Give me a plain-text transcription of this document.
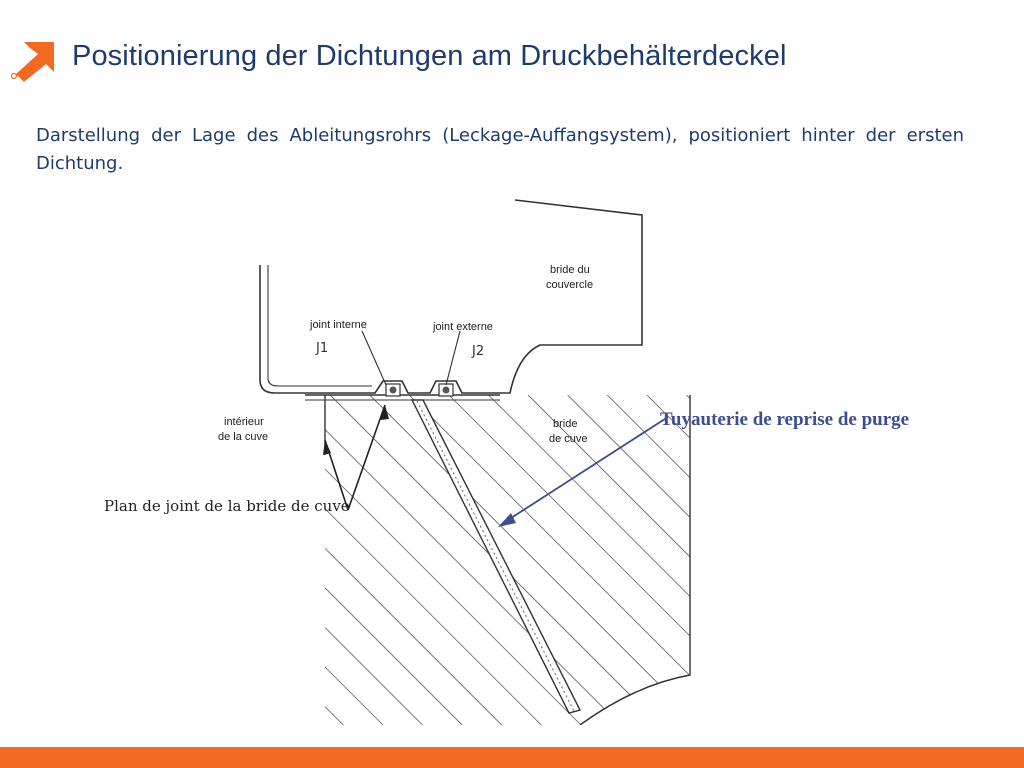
Positionierung der Dichtungen am Druckbehälterdeckel
Darstellung der Lage des Ableitungsrohrs (Leckage-Auffangsystem), positioniert hinter der ersten Dichtung.
bride du
couvercle
joint interne	joint externe
J1	J2
intérieur
de la cuve
bride
de cuve
Tuyauterie de reprise de purge
Plan de joint de la bride de cuve
